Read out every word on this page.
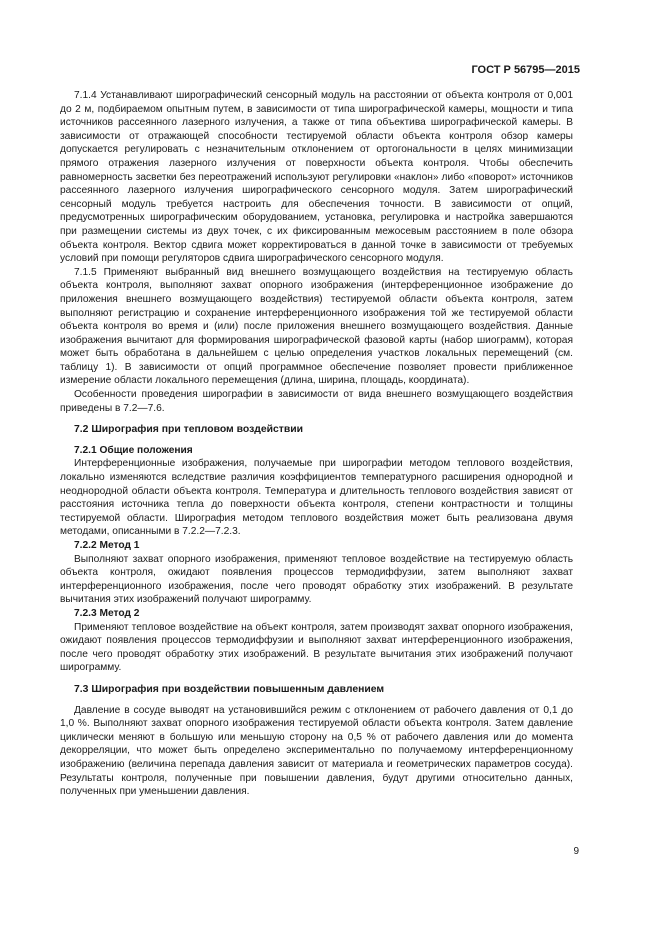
ГОСТ Р 56795—2015

7.1.4 Устанавливают ширографический сенсорный модуль на расстоянии от объекта контроля от 0,001 до 2 м, подбираемом опытным путем, в зависимости от типа ширографической камеры, мощности и типа источников рассеянного лазерного излучения, а также от типа объектива ширографической камеры. В зависимости от отражающей способности тестируемой области объекта контроля обзор камеры допускается регулировать с незначительным отклонением от ортогональности в целях минимизации прямого отражения лазерного излучения от поверхности объекта контроля. Чтобы обеспечить равномерность засветки без переотражений используют регулировки «наклон» либо «поворот» источников рассеянного лазерного излучения ширографического сенсорного модуля. Затем ширографический сенсорный модуль требуется настроить для обеспечения точности. В зависимости от опций, предусмотренных ширографическим оборудованием, установка, регулировка и настройка завершаются при размещении системы из двух точек, с их фиксированным межосевым расстоянием в поле обзора объекта контроля. Вектор сдвига может корректироваться в данной точке в зависимости от требуемых условий при помощи регуляторов сдвига ширографического сенсорного модуля.

7.1.5 Применяют выбранный вид внешнего возмущающего воздействия на тестируемую область объекта контроля, выполняют захват опорного изображения (интерференционное изображение до приложения внешнего возмущающего воздействия) тестируемой области объекта контроля, затем выполняют регистрацию и сохранение интерференционного изображения той же тестируемой области объекта контроля во время и (или) после приложения внешнего возмущающего воздействия. Данные изображения вычитают для формирования ширографической фазовой карты (набор шиограмм), которая может быть обработана в дальнейшем с целью определения участков локальных перемещений (см. таблицу 1). В зависимости от опций программное обеспечение позволяет провести приближенное измерение области локального перемещения (длина, ширина, площадь, координата).

Особенности проведения ширографии в зависимости от вида внешнего возмущающего воздействия приведены в 7.2—7.6.

7.2 Ширография при тепловом воздействии
7.2.1 Общие положения

Интерференционные изображения, получаемые при ширографии методом теплового воздействия, локально изменяются вследствие различия коэффициентов температурного расширения однородной и неоднородной области объекта контроля. Температура и длительность теплового воздействия зависят от расстояния источника тепла до поверхности объекта контроля, степени контрастности и толщины тестируемой области. Ширография методом теплового воздействия может быть реализована двумя методами, описанными в 7.2.2—7.2.3.

7.2.2 Метод 1

Выполняют захват опорного изображения, применяют тепловое воздействие на тестируемую область объекта контроля, ожидают появления процессов термодиффузии, затем выполняют захват интерференционного изображения, после чего проводят обработку этих изображений. В результате вычитания этих изображений получают широграмму.

7.2.3 Метод 2

Применяют тепловое воздействие на объект контроля, затем производят захват опорного изображения, ожидают появления процессов термодиффузии и выполняют захват интерференционного изображения, после чего проводят обработку этих изображений. В результате вычитания этих изображений получают широграмму.

7.3 Ширография при воздействии повышенным давлением

Давление в сосуде выводят на установившийся режим с отклонением от рабочего давления от 0,1 до 1,0 %. Выполняют захват опорного изображения тестируемой области объекта контроля. Затем давление циклически меняют в большую или меньшую сторону на 0,5 % от рабочего давления или до момента декорреляции, что может быть определено экспериментально по получаемому интерференционному изображению (величина перепада давления зависит от материала и геометрических параметров сосуда). Результаты контроля, полученные при повышении давления, будут другими относительно данных, полученных при уменьшении давления.

9
